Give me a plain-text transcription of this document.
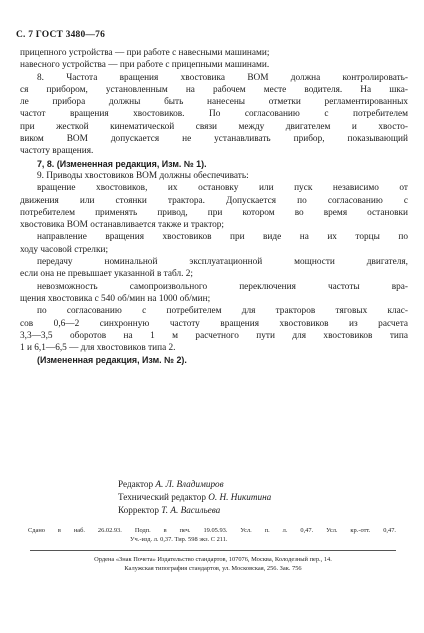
С. 7 ГОСТ 3480—76
прицепного устройства — при работе с навесными машинами;
навесного устройства — при работе с прицепными машинами.
8. Частота вращения хвостовика ВОМ должна контролировать-
ся прибором, установленным на рабочем месте водителя. На шка-
ле прибора должны быть нанесены отметки регламентированных
частот вращения хвостовиков. По согласованию с потребителем
при жесткой кинематической связи между двигателем и хвосто-
виком ВОМ допускается не устанавливать прибор, показывающий
частоту вращения.
7, 8. (Измененная редакция, Изм. № 1).
9. Приводы хвостовиков ВОМ должны обеспечивать:
вращение хвостовиков, их остановку или пуск независимо от
движения или стоянки трактора. Допускается по согласованию с
потребителем применять привод, при котором во время остановки
хвостовика ВОМ останавливается также и трактор;
направление вращения хвостовиков при виде на их торцы по
ходу часовой стрелки;
передачу номинальной эксплуатационной мощности двигателя,
если она не превышает указанной в табл. 2;
невозможность самопроизвольного переключения частоты вра-
щения хвостовика с 540 об/мин на 1000 об/мин;
по согласованию с потребителем для тракторов тяговых клас-
сов 0,6—2 синхронную частоту вращения хвостовиков из расчета
3,3—3,5 оборотов на 1 м расчетного пути для хвостовиков типа
1 и 6,1—6,5 — для хвостовиков типа 2.
(Измененная редакция, Изм. № 2).
Редактор А. Л. Владимиров
Технический редактор О. Н. Никитина
Корректор Т. А. Васильева
Сдано в наб. 26.02.93. Подп. в печ. 19.05.93. Усл. п. л. 0,47. Усл. кр.-отт. 0,47.
Уч.-изд. л. 0,37. Тир. 598 экз. С 211.
Ордена «Знак Почета» Издательство стандартов, 107076, Москва, Колодезный пер., 14.
Калужская типография стандартов, ул. Московская, 256. Зак. 756
